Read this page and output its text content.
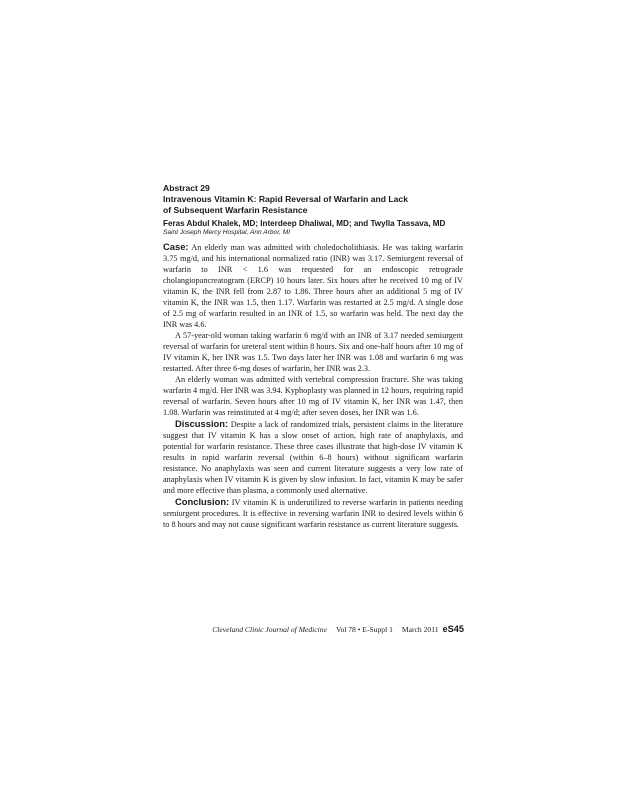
Abstract 29
Intravenous Vitamin K: Rapid Reversal of Warfarin and Lack
of Subsequent Warfarin Resistance
Feras Abdul Khalek, MD; Interdeep Dhaliwal, MD; and Twylla Tassava, MD
Saint Joseph Mercy Hospital, Ann Arbor, MI

Case: An elderly man was admitted with choledocholithiasis. He was taking warfarin 3.75 mg/d, and his international normalized ratio (INR) was 3.17. Semiurgent reversal of warfarin to INR < 1.6 was requested for an endoscopic retrograde cholangiopancreatogram (ERCP) 10 hours later. Six hours after he received 10 mg of IV vitamin K, the INR fell from 2.87 to 1.86. Three hours after an additional 5 mg of IV vitamin K, the INR was 1.5, then 1.17. Warfarin was restarted at 2.5 mg/d. A single dose of 2.5 mg of warfarin resulted in an INR of 1.5, so warfarin was held. The next day the INR was 4.6.

A 57-year-old woman taking warfarin 6 mg/d with an INR of 3.17 needed semiurgent reversal of warfarin for ureteral stent within 8 hours. Six and one-half hours after 10 mg of IV vitamin K, her INR was 1.5. Two days later her INR was 1.08 and warfarin 6 mg was restarted. After three 6-mg doses of warfarin, her INR was 2.3.

An elderly woman was admitted with vertebral compression fracture. She was taking warfarin 4 mg/d. Her INR was 3.94. Kyphoplasty was planned in 12 hours, requiring rapid reversal of warfarin. Seven hours after 10 mg of IV vitamin K, her INR was 1.47, then 1.08. Warfarin was reinstituted at 4 mg/d; after seven doses, her INR was 1.6.

Discussion: Despite a lack of randomized trials, persistent claims in the literature suggest that IV vitamin K has a slow onset of action, high rate of anaphylaxis, and potential for warfarin resistance. These three cases illustrate that high-dose IV vitamin K results in rapid warfarin reversal (within 6–8 hours) without significant warfarin resistance. No anaphylaxis was seen and current literature suggests a very low rate of anaphylaxis when IV vitamin K is given by slow infusion. In fact, vitamin K may be safer and more effective than plasma, a commonly used alternative.

Conclusion: IV vitamin K is underutilized to reverse warfarin in patients needing semiurgent procedures. It is effective in reversing warfarin INR to desired levels within 6 to 8 hours and may not cause significant warfarin resistance as current literature suggests.

Cleveland Clinic Journal of Medicine Vol 78 • E-Suppl 1 March 2011 eS45
